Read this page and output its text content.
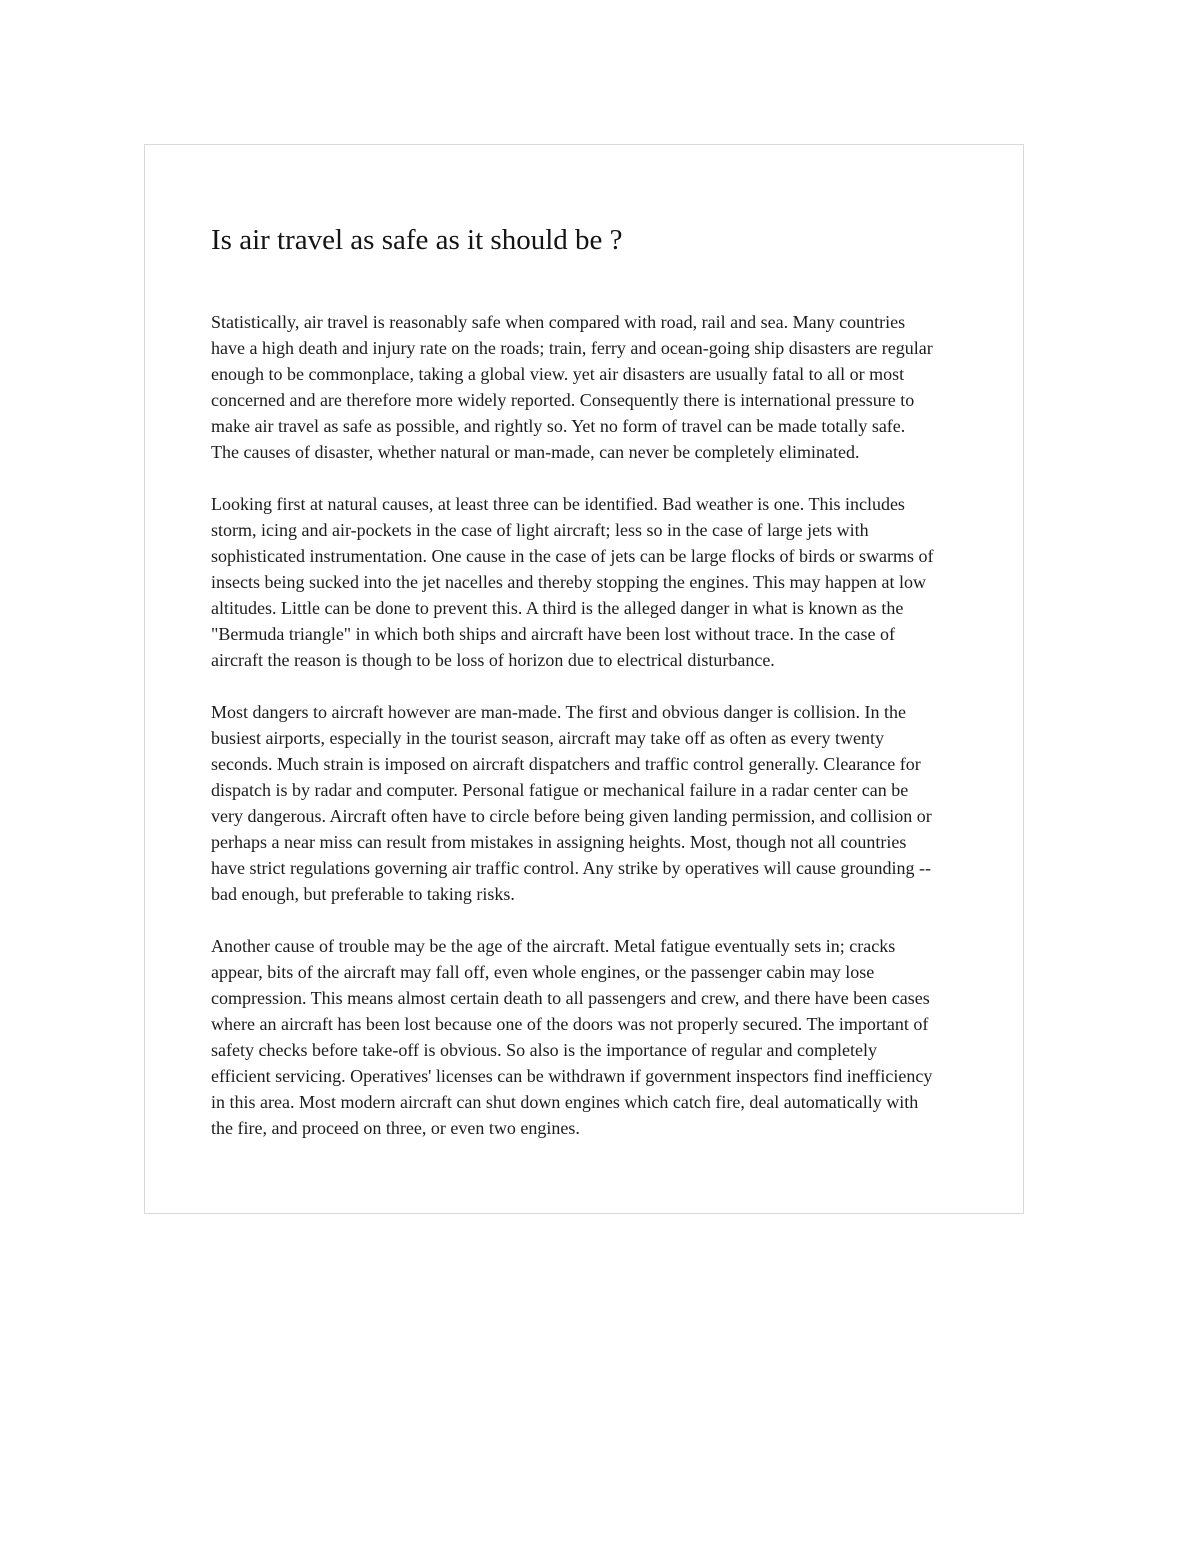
Is air travel as safe as it should be ?

Statistically, air travel is reasonably safe when compared with road, rail and sea. Many countries
have a high death and injury rate on the roads; train, ferry and ocean-going ship disasters are regular
enough to be commonplace, taking a global view. yet air disasters are usually fatal to all or most
concerned and are therefore more widely reported. Consequently there is international pressure to
make air travel as safe as possible, and rightly so. Yet no form of travel can be made totally safe.
The causes of disaster, whether natural or man-made, can never be completely eliminated.

Looking first at natural causes, at least three can be identified. Bad weather is one. This includes
storm, icing and air-pockets in the case of light aircraft; less so in the case of large jets with
sophisticated instrumentation. One cause in the case of jets can be large flocks of birds or swarms of
insects being sucked into the jet nacelles and thereby stopping the engines. This may happen at low
altitudes. Little can be done to prevent this. A third is the alleged danger in what is known as the
"Bermuda triangle" in which both ships and aircraft have been lost without trace. In the case of
aircraft the reason is though to be loss of horizon due to electrical disturbance.

Most dangers to aircraft however are man-made. The first and obvious danger is collision. In the
busiest airports, especially in the tourist season, aircraft may take off as often as every twenty
seconds. Much strain is imposed on aircraft dispatchers and traffic control generally. Clearance for
dispatch is by radar and computer. Personal fatigue or mechanical failure in a radar center can be
very dangerous. Aircraft often have to circle before being given landing permission, and collision or
perhaps a near miss can result from mistakes in assigning heights. Most, though not all countries
have strict regulations governing air traffic control. Any strike by operatives will cause grounding --
bad enough, but preferable to taking risks.

Another cause of trouble may be the age of the aircraft. Metal fatigue eventually sets in; cracks
appear, bits of the aircraft may fall off, even whole engines, or the passenger cabin may lose
compression. This means almost certain death to all passengers and crew, and there have been cases
where an aircraft has been lost because one of the doors was not properly secured. The important of
safety checks before take-off is obvious. So also is the importance of regular and completely
efficient servicing. Operatives' licenses can be withdrawn if government inspectors find inefficiency
in this area. Most modern aircraft can shut down engines which catch fire, deal automatically with
the fire, and proceed on three, or even two engines.
